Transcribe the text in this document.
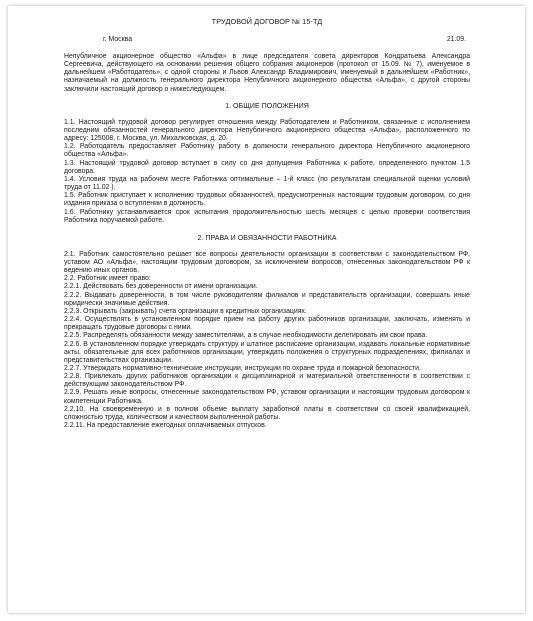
ТРУДОВОЙ ДОГОВОР № 15-ТД
г. Москва	21.09.

Непубличное акционерное общество «Альфа» в лице председателя совета директоров Кондратьева Александра Сергеевича, действующего на основании решения общего собрания акционеров (протокол от 15.09. № 7), именуемое в дальнейшем «Работодатель», с одной стороны и Львов Александр Владимирович, именуемый в дальнейшем «Работник», назначаемый на должность генерального директора Непубличного акционерного общества «Альфа», с другой стороны заключили настоящий договор о нижеследующем.

1. ОБЩИЕ ПОЛОЖЕНИЯ

1.1. Настоящий трудовой договор регулирует отношения между Работодателем и Работником, связанные с исполнением последним обязанностей генерального директора Непубличного акционерного общества «Альфа», расположенного по адресу: 125008, г. Москва, ул. Михалковская, д. 20.

1.2. Работодатель предоставляет Работнику работу в должности генерального директора Непубличного акционерного общества «Альфа».

1.3. Настоящий трудовой договор вступает в силу со дня допущения Работника к работе, определенного пунктом 1.5 договора.

1.4. Условия труда на рабочем месте Работника оптимальные – 1-й класс (по результатам специальной оценки условий труда от 11.02 ).

1.5. Работник приступает к исполнению трудовых обязанностей, предусмотренных настоящим трудовым договором, со дня издания приказа о вступлении в должность.

1.6. Работнику устанавливается срок испытания продолжительностью шесть месяцев с целью проверки соответствия Работника поручаемой работе.

2. ПРАВА И ОБЯЗАННОСТИ РАБОТНИКА

2.1. Работник самостоятельно решает все вопросы деятельности организации в соответствии с законодательством РФ, уставом АО «Альфа», настоящим трудовым договором, за исключением вопросов, отнесенных законодательством РФ к ведению иных органов.

2.2. Работник имеет право:

2.2.1. Действовать без доверенности от имени организации.

2.2.2. Выдавать доверенности, в том числе руководителям филиалов и представительств организации, совершать иные юридически значимые действия.

2.2.3. Открывать (закрывать) счета организации в кредитных организациях.

2.2.4. Осуществлять в установленном порядке прием на работу других работников организации, заключать, изменять и прекращать трудовые договоры с ними.

2.2.5. Распределять обязанности между заместителями, а в случае необходимости делегировать им свои права.

2.2.6. В установленном порядке утверждать структуру и штатное расписание организации, издавать локальные нормативные акты, обязательные для всех работников организации, утверждать положения о структурных подразделениях, филиалах и представительствах организации.

2.2.7. Утверждать нормативно-технические инструкции, инструкции по охране труда и пожарной безопасности.

2.2.8. Привлекать других работников организации к дисциплинарной и материальной ответственности в соответствии с действующим законодательством РФ.

2.2.9. Решать иные вопросы, отнесенные законодательством РФ, уставом организации и настоящим трудовым договором к компетенции Работника.

2.2.10. На своевременную и в полном объеме выплату заработной платы в соответствии со своей квалификацией, сложностью труда, количеством и качеством выполненной работы.

2.2.11. На предоставление ежегодных оплачиваемых отпусков.
